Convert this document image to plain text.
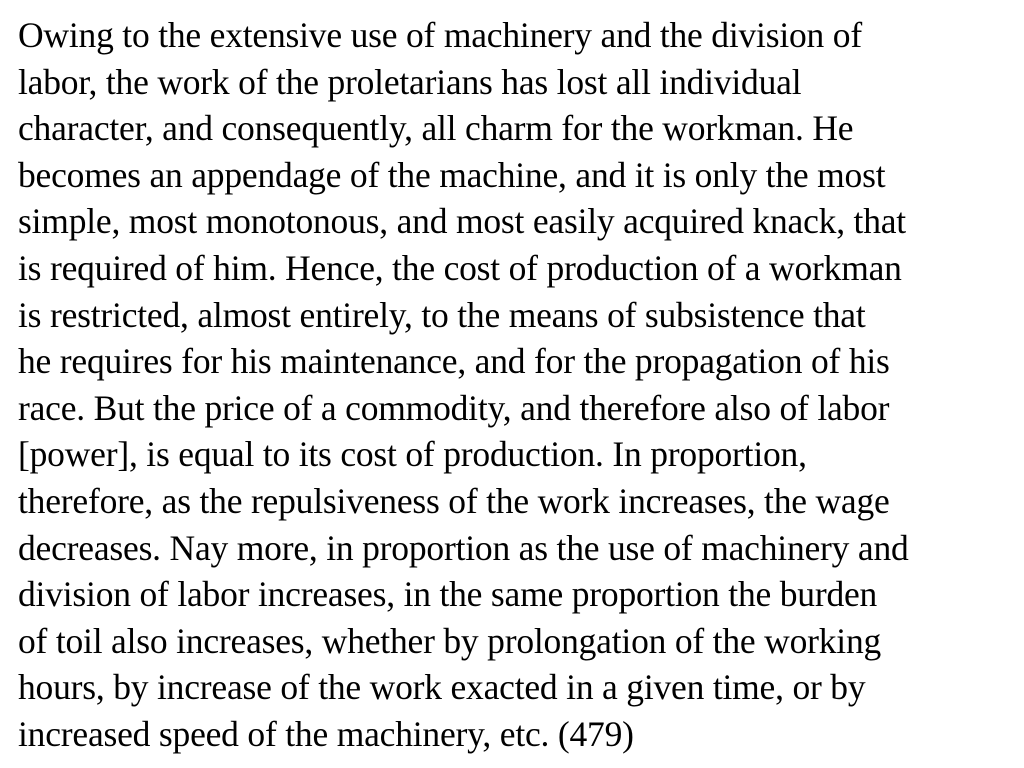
Owing to the extensive use of machinery and the division of
labor, the work of the proletarians has lost all individual
character, and consequently, all charm for the workman. He
becomes an appendage of the machine, and it is only the most
simple, most monotonous, and most easily acquired knack, that
is required of him. Hence, the cost of production of a workman
is restricted, almost entirely, to the means of subsistence that
he requires for his maintenance, and for the propagation of his
race. But the price of a commodity, and therefore also of labor
[power], is equal to its cost of production. In proportion,
therefore, as the repulsiveness of the work increases, the wage
decreases. Nay more, in proportion as the use of machinery and
division of labor increases, in the same proportion the burden
of toil also increases, whether by prolongation of the working
hours, by increase of the work exacted in a given time, or by
increased speed of the machinery, etc. (479)
